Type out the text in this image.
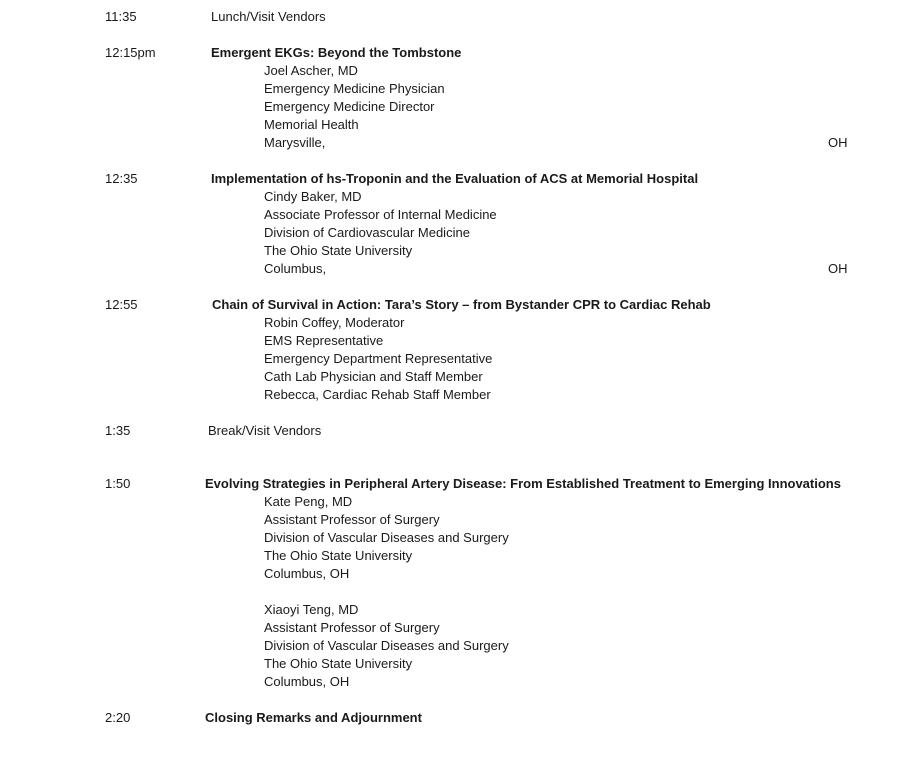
11:35	Lunch/Visit Vendors
12:15pm	Emergent EKGs: Beyond the Tombstone
Joel Ascher, MD
Emergency Medicine Physician
Emergency Medicine Director
Memorial Health
Marysville,	OH
12:35	Implementation of hs-Troponin and the Evaluation of ACS at Memorial Hospital
Cindy Baker, MD
Associate Professor of Internal Medicine
Division of Cardiovascular Medicine
The Ohio State University
Columbus,	OH
12:55	Chain of Survival in Action: Tara’s Story – from Bystander CPR to Cardiac Rehab
Robin Coffey, Moderator
EMS Representative
Emergency Department Representative
Cath Lab Physician and Staff Member
Rebecca, Cardiac Rehab Staff Member
1:35	Break/Visit Vendors
1:50	Evolving Strategies in Peripheral Artery Disease: From Established Treatment to Emerging Innovations
Kate Peng, MD
Assistant Professor of Surgery
Division of Vascular Diseases and Surgery
The Ohio State University
Columbus, OH
Xiaoyi Teng, MD
Assistant Professor of Surgery
Division of Vascular Diseases and Surgery
The Ohio State University
Columbus, OH
2:20	Closing Remarks and Adjournment
